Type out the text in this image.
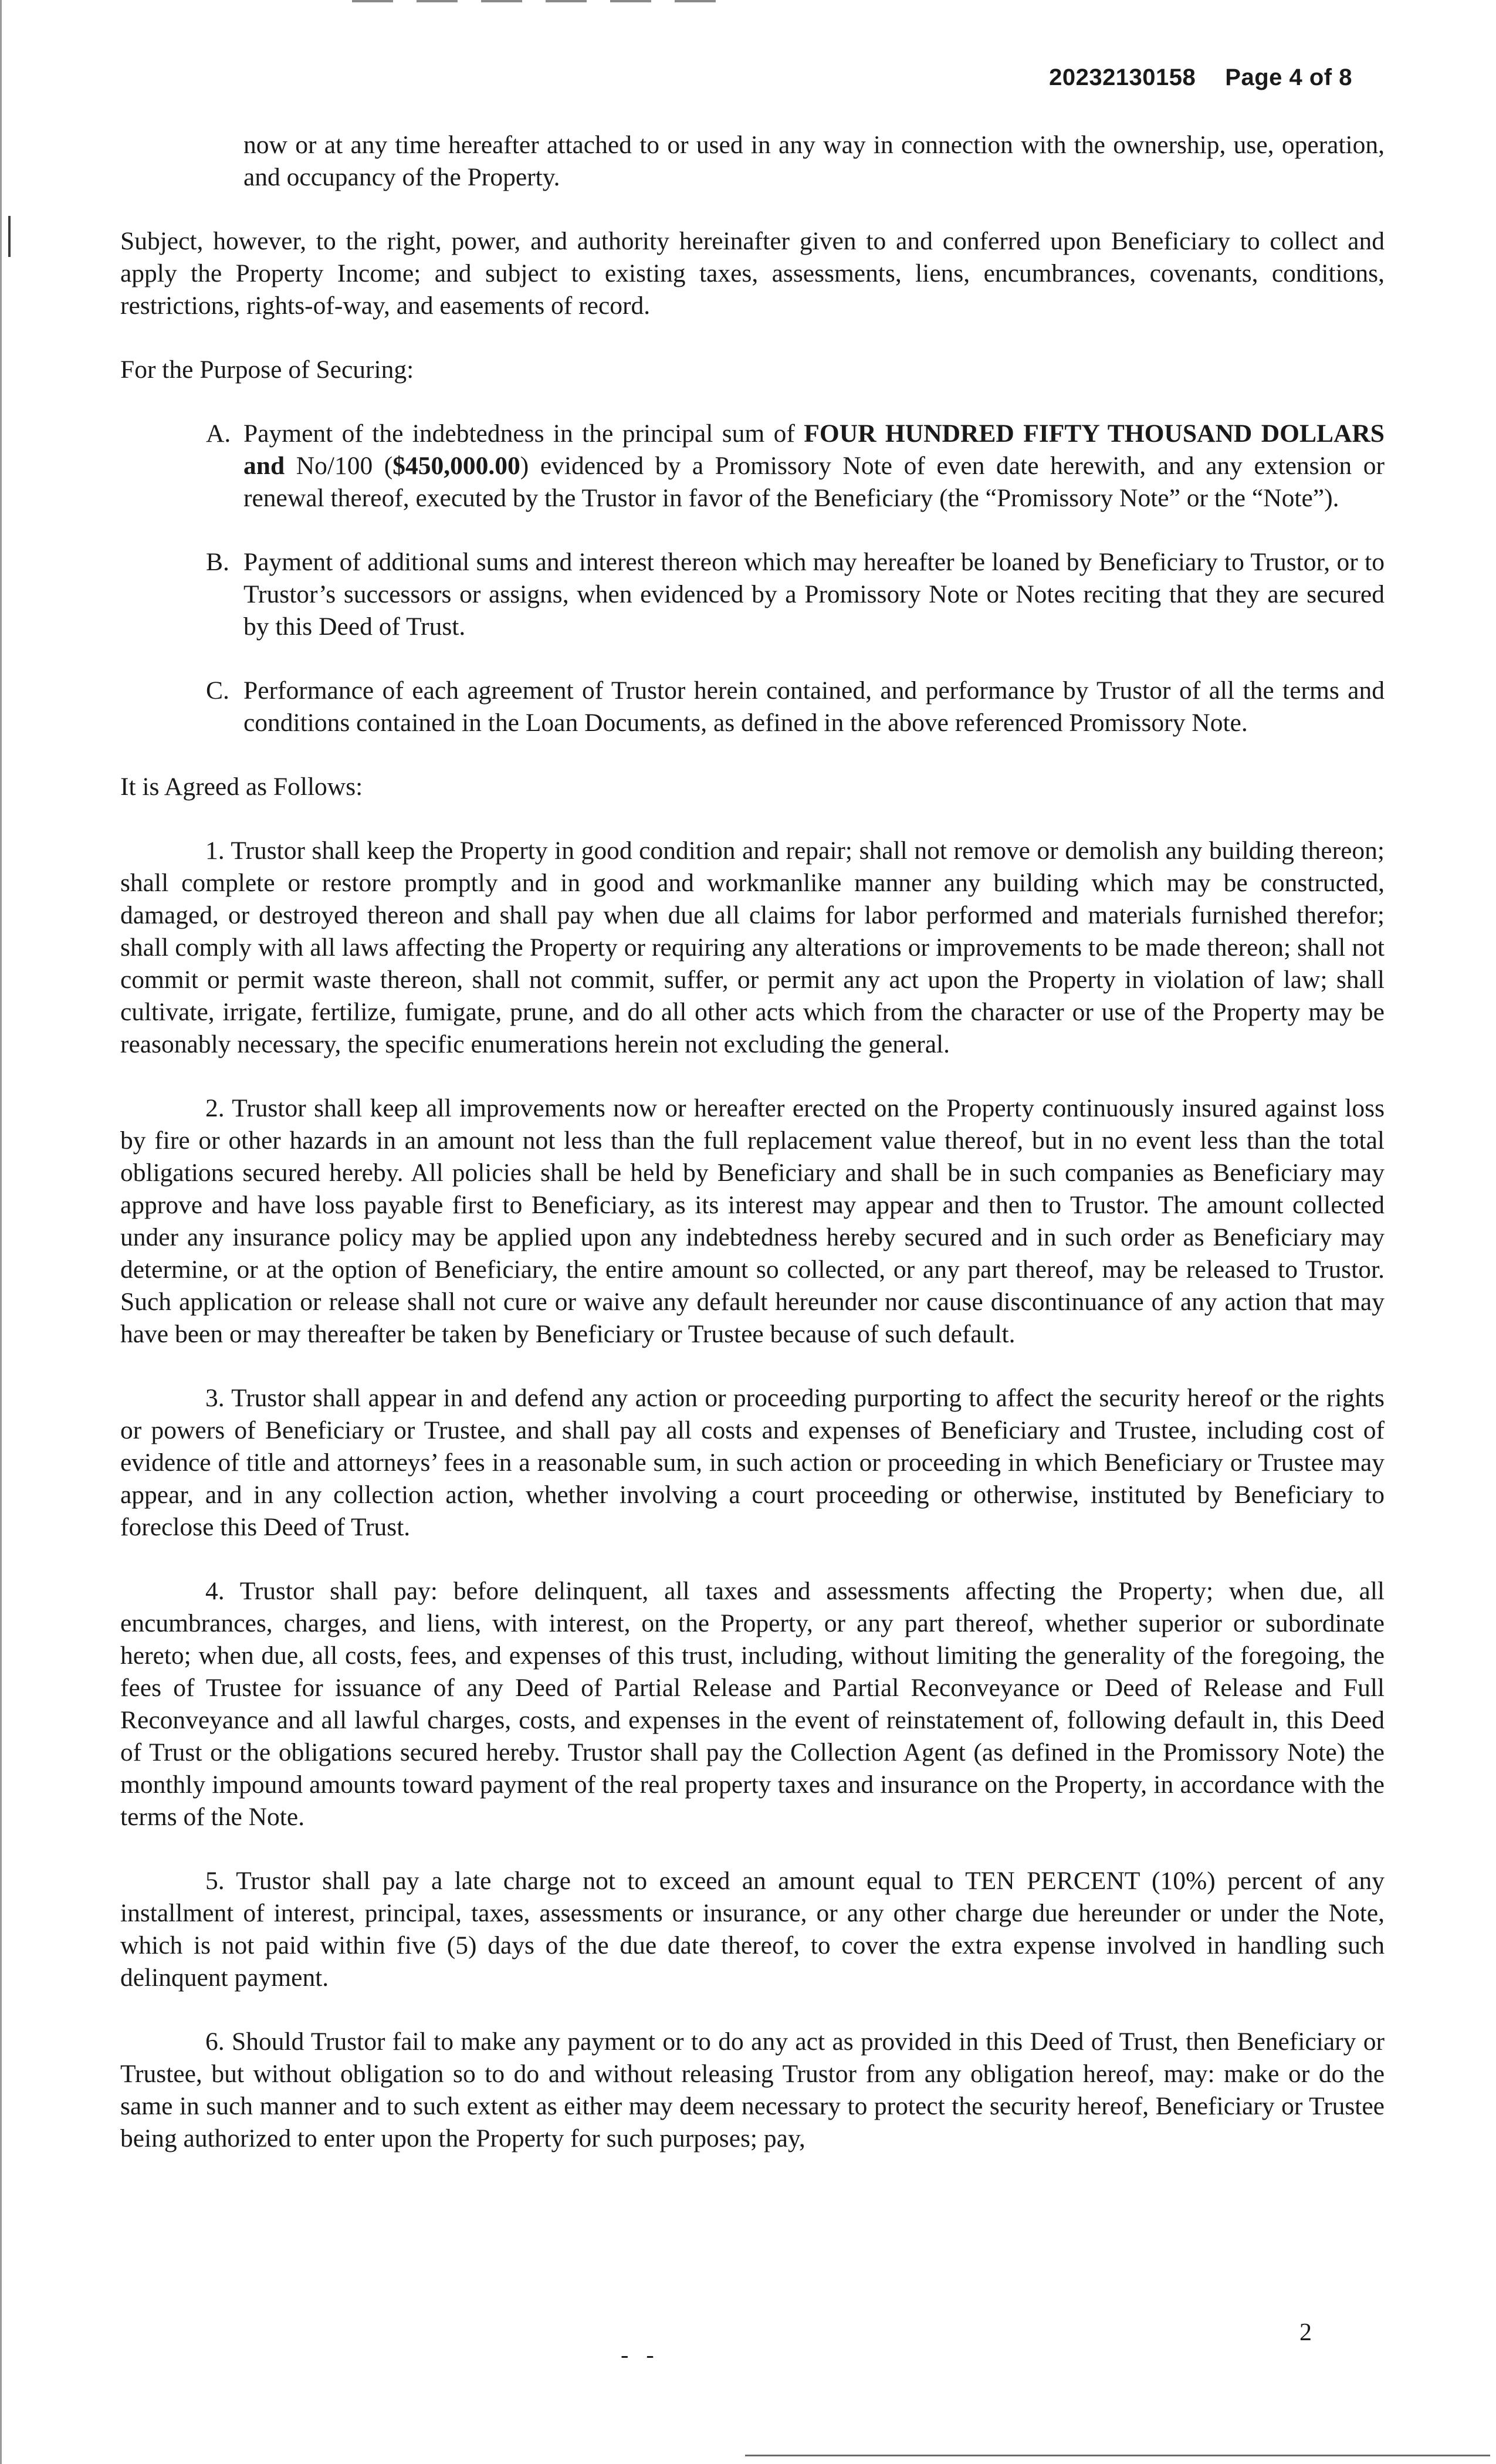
20232130158 Page 4 of 8

now or at any time hereafter attached to or used in any way in connection with the ownership, use, operation, and occupancy of the Property.

Subject, however, to the right, power, and authority hereinafter given to and conferred upon Beneficiary to collect and apply the Property Income; and subject to existing taxes, assessments, liens, encumbrances, covenants, conditions, restrictions, rights-of-way, and easements of record.

For the Purpose of Securing:

A. Payment of the indebtedness in the principal sum of FOUR HUNDRED FIFTY THOUSAND DOLLARS and No/100 ($450,000.00) evidenced by a Promissory Note of even date herewith, and any extension or renewal thereof, executed by the Trustor in favor of the Beneficiary (the “Promissory Note” or the “Note”).
B. Payment of additional sums and interest thereon which may hereafter be loaned by Beneficiary to Trustor, or to Trustor’s successors or assigns, when evidenced by a Promissory Note or Notes reciting that they are secured by this Deed of Trust.
C. Performance of each agreement of Trustor herein contained, and performance by Trustor of all the terms and conditions contained in the Loan Documents, as defined in the above referenced Promissory Note.

It is Agreed as Follows:

1. Trustor shall keep the Property in good condition and repair; shall not remove or demolish any building thereon; shall complete or restore promptly and in good and workmanlike manner any building which may be constructed, damaged, or destroyed thereon and shall pay when due all claims for labor performed and materials furnished therefor; shall comply with all laws affecting the Property or requiring any alterations or improvements to be made thereon; shall not commit or permit waste thereon, shall not commit, suffer, or permit any act upon the Property in violation of law; shall cultivate, irrigate, fertilize, fumigate, prune, and do all other acts which from the character or use of the Property may be reasonably necessary, the specific enumerations herein not excluding the general.

2. Trustor shall keep all improvements now or hereafter erected on the Property continuously insured against loss by fire or other hazards in an amount not less than the full replacement value thereof, but in no event less than the total obligations secured hereby. All policies shall be held by Beneficiary and shall be in such companies as Beneficiary may approve and have loss payable first to Beneficiary, as its interest may appear and then to Trustor. The amount collected under any insurance policy may be applied upon any indebtedness hereby secured and in such order as Beneficiary may determine, or at the option of Beneficiary, the entire amount so collected, or any part thereof, may be released to Trustor. Such application or release shall not cure or waive any default hereunder nor cause discontinuance of any action that may have been or may thereafter be taken by Beneficiary or Trustee because of such default.

3. Trustor shall appear in and defend any action or proceeding purporting to affect the security hereof or the rights or powers of Beneficiary or Trustee, and shall pay all costs and expenses of Beneficiary and Trustee, including cost of evidence of title and attorneys’ fees in a reasonable sum, in such action or proceeding in which Beneficiary or Trustee may appear, and in any collection action, whether involving a court proceeding or otherwise, instituted by Beneficiary to foreclose this Deed of Trust.

4. Trustor shall pay: before delinquent, all taxes and assessments affecting the Property; when due, all encumbrances, charges, and liens, with interest, on the Property, or any part thereof, whether superior or subordinate hereto; when due, all costs, fees, and expenses of this trust, including, without limiting the generality of the foregoing, the fees of Trustee for issuance of any Deed of Partial Release and Partial Reconveyance or Deed of Release and Full Reconveyance and all lawful charges, costs, and expenses in the event of reinstatement of, following default in, this Deed of Trust or the obligations secured hereby. Trustor shall pay the Collection Agent (as defined in the Promissory Note) the monthly impound amounts toward payment of the real property taxes and insurance on the Property, in accordance with the terms of the Note.

5. Trustor shall pay a late charge not to exceed an amount equal to TEN PERCENT (10%) percent of any installment of interest, principal, taxes, assessments or insurance, or any other charge due hereunder or under the Note, which is not paid within five (5) days of the due date thereof, to cover the extra expense involved in handling such delinquent payment.

6. Should Trustor fail to make any payment or to do any act as provided in this Deed of Trust, then Beneficiary or Trustee, but without obligation so to do and without releasing Trustor from any obligation hereof, may: make or do the same in such manner and to such extent as either may deem necessary to protect the security hereof, Beneficiary or Trustee being authorized to enter upon the Property for such purposes; pay,

2
- -
